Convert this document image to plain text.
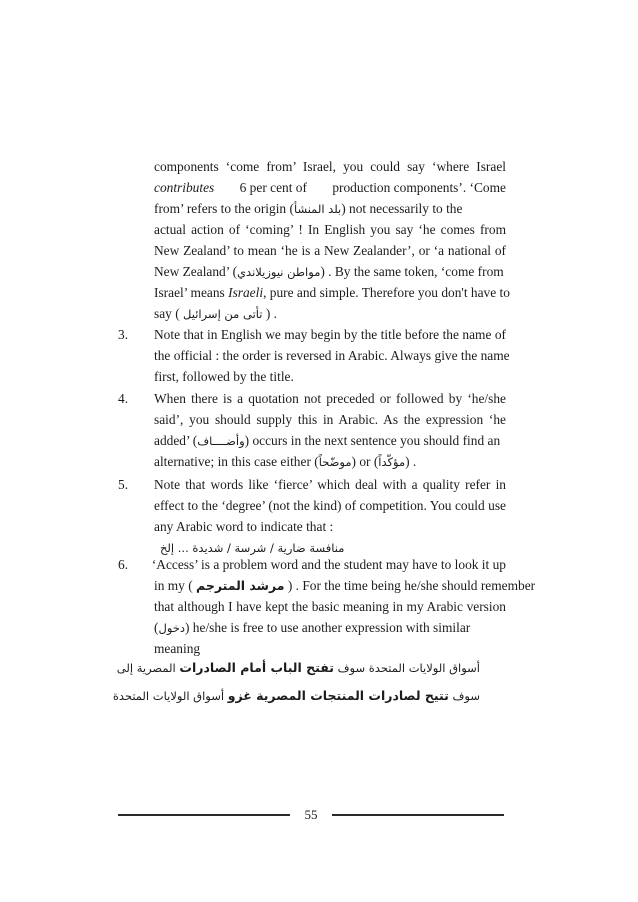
components ‘come from’ Israel, you could say ‘where Israel
contributes 6 per cent of production components’. ‘Come
from’ refers to the origin (بلد المنشأ) not necessarily to the
actual action of ‘coming’ ! In English you say ‘he comes from
New Zealand’ to mean ‘he is a New Zealander’, or ‘a national of
New Zealand’ (مواطن نيوزيلاندي) . By the same token, ‘come from
Israel’ means Israeli, pure and simple. Therefore you don't have to
say ( تأتى من إسرائيل ) .
3.	Note that in English we may begin by the title before the name of
the official : the order is reversed in Arabic. Always give the name
first, followed by the title.
4.	When there is a quotation not preceded or followed by ‘he/she
said’, you should supply this in Arabic. As the expression ‘he
added’ (وأضــــاف) occurs in the next sentence you should find an
alternative; in this case either (موضّحاً) or (مؤكّداً) .
5.	Note that words like ‘fierce’ which deal with a quality refer in
effect to the ‘degree’ (not the kind) of competition. You could use
any Arabic word to indicate that :
منافسة ضارية / شرسة / شديدة ... إلخ
6.	‘Access’ is a problem word and the student may have to look it up
in my ( مرشد المترجم ) . For the time being he/she should remember
that although I have kept the basic meaning in my Arabic version
(دخول) he/she is free to use another expression with similar
meaning
أسواق الولايات المتحدة سوف تفتح الباب أمام الصادرات المصرية إلى
سوف تتيح لصادرات المنتجات المصرية غزو أسواق الولايات المتحدة
55
